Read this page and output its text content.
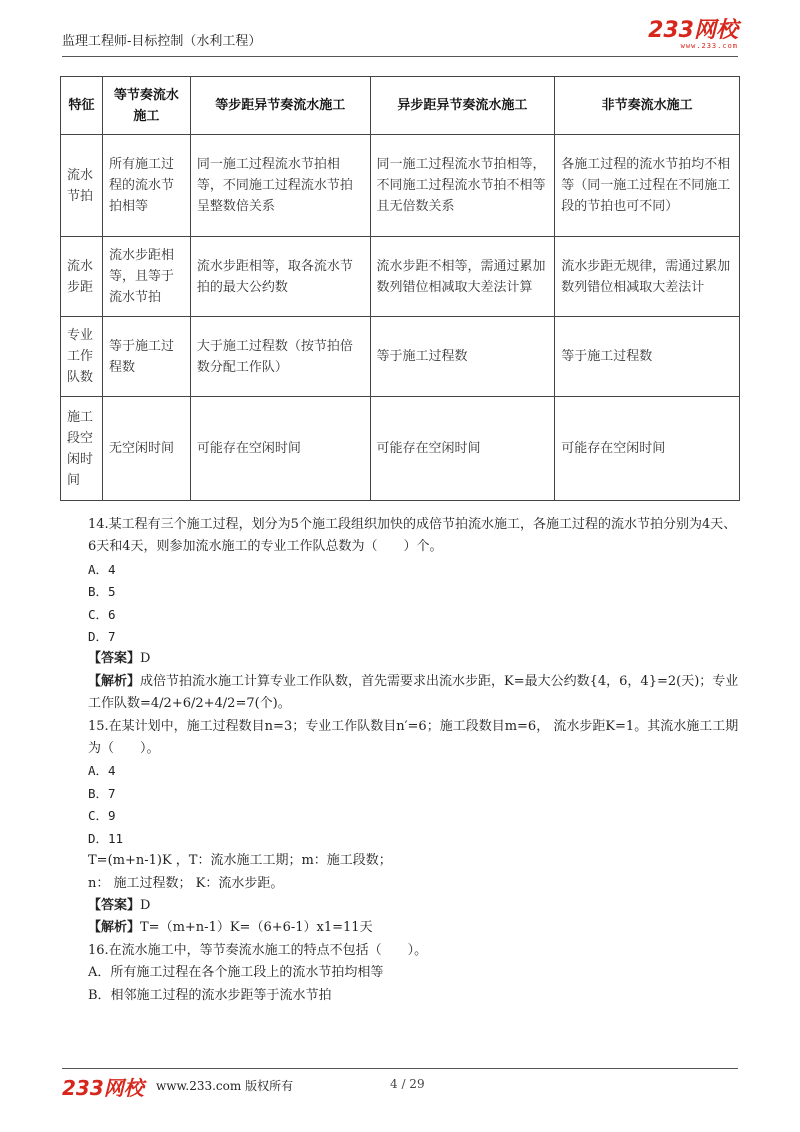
监理工程师-目标控制（水利工程）	233网校
www.233.com
特征	等节奏流水施工	等步距异节奏流水施工	异步距异节奏流水施工	非节奏流水施工
流水节拍	所有施工过程的流水节拍相等	同一施工过程流水节拍相等，不同施工过程流水节拍呈整数倍关系	同一施工过程流水节拍相等，不同施工过程流水节拍不相等且无倍数关系	各施工过程的流水节拍均不相等（同一施工过程在不同施工段的节拍也可不同）
流水步距	流水步距相等，且等于流水节拍	流水步距相等，取各流水节拍的最大公约数	流水步距不相等，需通过累加数列错位相减取大差法计算	流水步距无规律，需通过累加数列错位相减取大差法计
专业工作队数	等于施工过程数	大于施工过程数（按节拍倍数分配工作队）	等于施工过程数	等于施工过程数
施工段空闲时间	无空闲时间	可能存在空闲时间	可能存在空闲时间	可能存在空闲时间

14.某工程有三个施工过程，划分为5个施工段组织加快的成倍节拍流水施工，各施工过程的流水节拍分别为4天、6天和4天，则参加流水施工的专业工作队总数为（　　）个。

A．4

B．5

C．6

D．7

【答案】D

【解析】成倍节拍流水施工计算专业工作队数，首先需要求出流水步距，K=最大公约数{4，6，4}=2(天)；专业工作队数=4/2+6/2+4/2=7(个)。

15.在某计划中，施工过程数目n=3；专业工作队数目n′=6；施工段数目m=6， 流水步距K=1。其流水施工工期为（　　）。

A．4

B．7

C．9

D．11

T=(m+n-1)K ，T：流水施工工期；m：施工段数；

n： 施工过程数； K：流水步距。

【答案】D

【解析】T=（m+n-1）K=（6+6-1）x1=11天

16.在流水施工中，等节奏流水施工的特点不包括（　　）。

A．所有施工过程在各个施工段上的流水节拍均相等

B．相邻施工过程的流水步距等于流水节拍

233网校 www.233.com 版权所有	4 / 29
